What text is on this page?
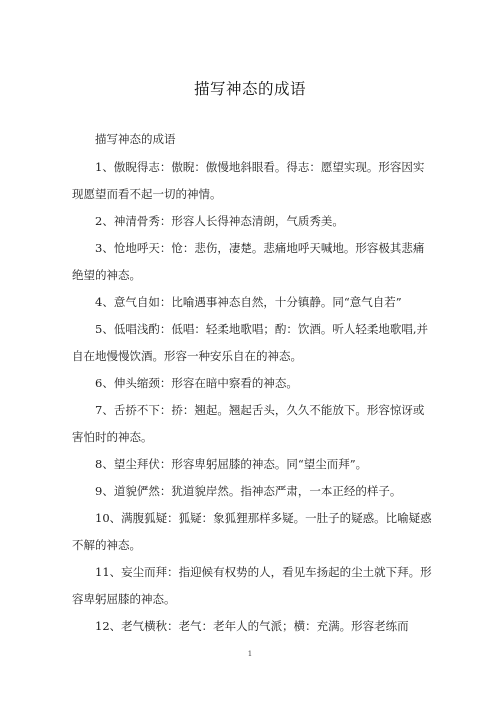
描写神态的成语
描写神态的成语

1、傲睨得志：傲睨：傲慢地斜眼看。得志：愿望实现。形容因实现愿望而看不起一切的神情。

2、神清骨秀：形容人长得神态清朗，气质秀美。

3、怆地呼天：怆：悲伤，凄楚。悲痛地呼天喊地。形容极其悲痛绝望的神态。

4、意气自如：比喻遇事神态自然，十分镇静。同“意气自若”

5、低唱浅酌：低唱：轻柔地歌唱；酌：饮酒。听人轻柔地歌唱,并自在地慢慢饮酒。形容一种安乐自在的神态。

6、伸头缩颈：形容在暗中察看的神态。

7、舌挢不下：挢：翘起。翘起舌头，久久不能放下。形容惊讶或害怕时的神态。

8、望尘拜伏：形容卑躬屈膝的神态。同“望尘而拜”。

9、道貌俨然：犹道貌岸然。指神态严肃，一本正经的样子。

10、满腹狐疑：狐疑：象狐狸那样多疑。一肚子的疑惑。比喻疑惑不解的神态。

11、妄尘而拜：指迎候有权势的人，看见车扬起的尘土就下拜。形容卑躬屈膝的神态。

12、老气横秋：老气：老年人的气派；横：充满。形容老练而

1
